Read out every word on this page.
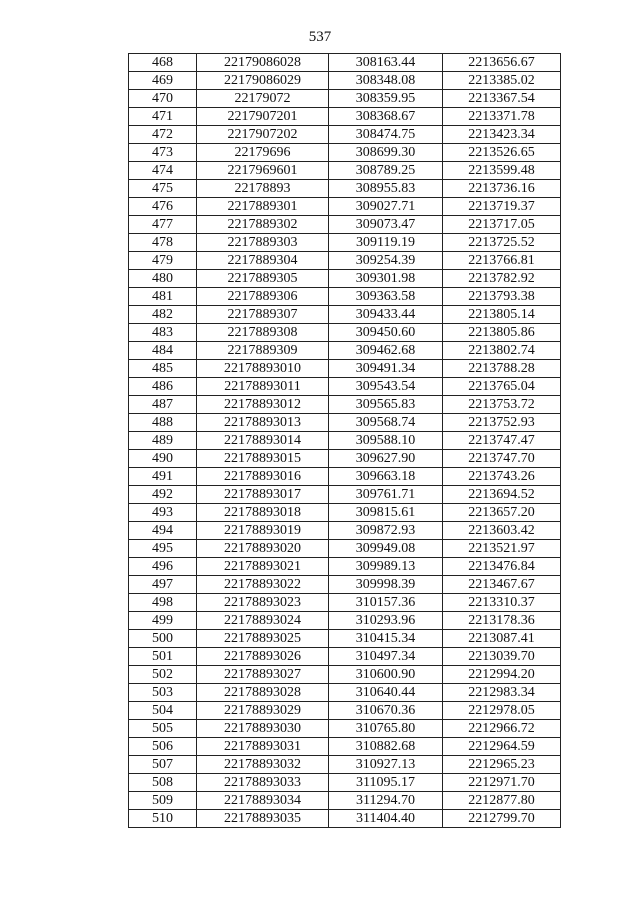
537
468	22179086028	308163.44	2213656.67
469	22179086029	308348.08	2213385.02
470	22179072	308359.95	2213367.54
471	2217907201	308368.67	2213371.78
472	2217907202	308474.75	2213423.34
473	22179696	308699.30	2213526.65
474	2217969601	308789.25	2213599.48
475	22178893	308955.83	2213736.16
476	2217889301	309027.71	2213719.37
477	2217889302	309073.47	2213717.05
478	2217889303	309119.19	2213725.52
479	2217889304	309254.39	2213766.81
480	2217889305	309301.98	2213782.92
481	2217889306	309363.58	2213793.38
482	2217889307	309433.44	2213805.14
483	2217889308	309450.60	2213805.86
484	2217889309	309462.68	2213802.74
485	22178893010	309491.34	2213788.28
486	22178893011	309543.54	2213765.04
487	22178893012	309565.83	2213753.72
488	22178893013	309568.74	2213752.93
489	22178893014	309588.10	2213747.47
490	22178893015	309627.90	2213747.70
491	22178893016	309663.18	2213743.26
492	22178893017	309761.71	2213694.52
493	22178893018	309815.61	2213657.20
494	22178893019	309872.93	2213603.42
495	22178893020	309949.08	2213521.97
496	22178893021	309989.13	2213476.84
497	22178893022	309998.39	2213467.67
498	22178893023	310157.36	2213310.37
499	22178893024	310293.96	2213178.36
500	22178893025	310415.34	2213087.41
501	22178893026	310497.34	2213039.70
502	22178893027	310600.90	2212994.20
503	22178893028	310640.44	2212983.34
504	22178893029	310670.36	2212978.05
505	22178893030	310765.80	2212966.72
506	22178893031	310882.68	2212964.59
507	22178893032	310927.13	2212965.23
508	22178893033	311095.17	2212971.70
509	22178893034	311294.70	2212877.80
510	22178893035	311404.40	2212799.70
